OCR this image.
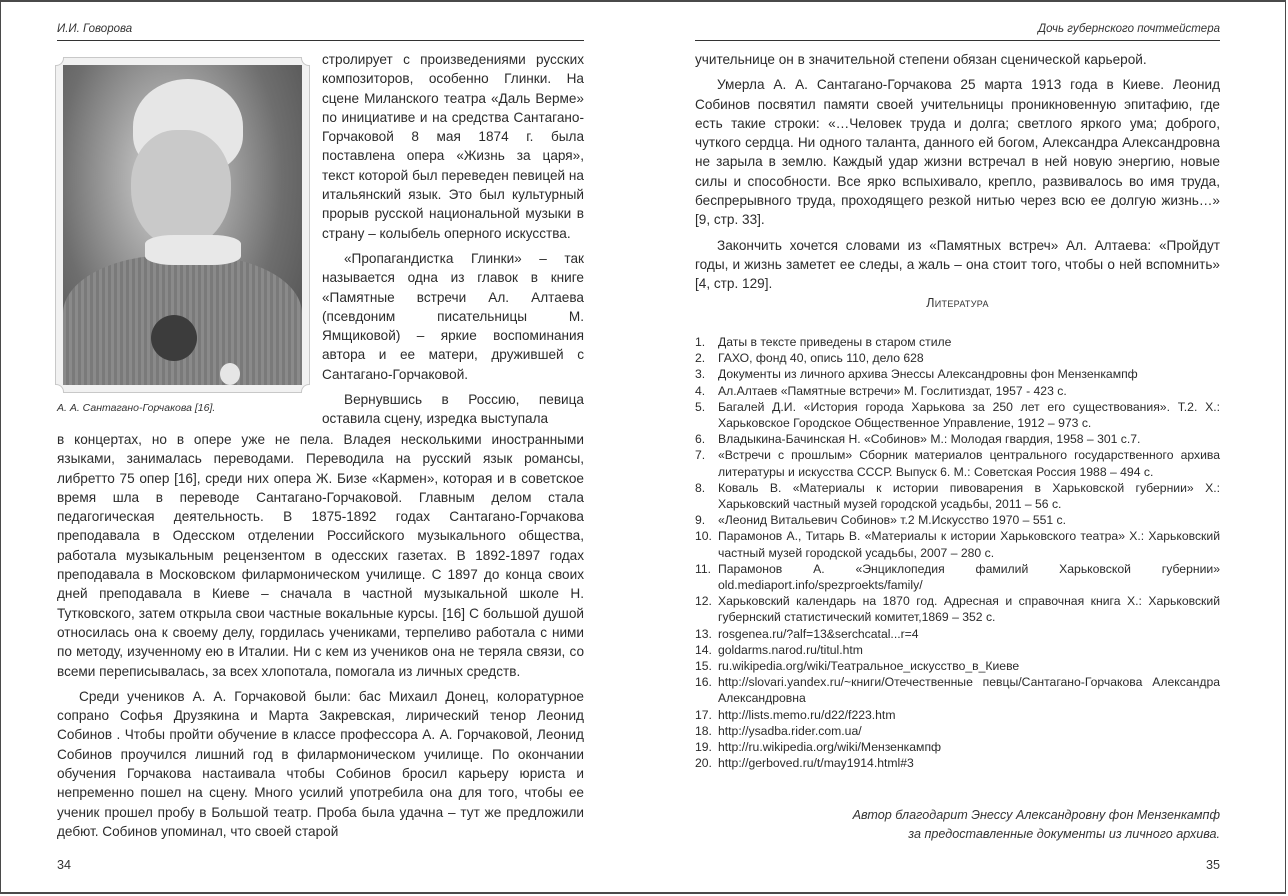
И.И. Говорова
А. А. Сантагано-Горчакова [16].

стролирует с произведениями русских композиторов, особенно Глинки. На сцене Миланского театра «Даль Верме» по инициативе и на средства Сантагано-Горчаковой 8 мая 1874 г. была поставлена опера «Жизнь за царя», текст которой был переведен певицей на итальянский язык. Это был культурный прорыв русской национальной музыки в страну – колыбель оперного искусства.

«Пропагандистка Глинки» – так называется одна из главок в книге «Памятные встречи Ал. Алтаева (псевдоним писательницы М. Ямщиковой) – яркие воспоминания автора и ее матери, дружившей с Сантагано-Горчаковой.

Вернувшись в Россию, певица оставила сцену, изредка выступала

в концертах, но в опере уже не пела. Владея несколькими иностранными языками, занималась переводами. Переводила на русский язык романсы, либретто 75 опер [16], среди них опера Ж. Бизе «Кармен», которая и в советское время шла в переводе Сантагано-Горчаковой. Главным делом стала педагогическая деятельность. В 1875-1892 годах Сантагано-Горчакова преподавала в Одесском отделении Российского музыкального общества, работала музыкальным рецензентом в одесских газетах. В 1892-1897 годах преподавала в Московском филармоническом училище. С 1897 до конца своих дней преподавала в Киеве – сначала в частной музыкальной школе Н. Тутковского, затем открыла свои частные вокальные курсы. [16] С большой душой относилась она к своему делу, гордилась учениками, терпеливо работала с ними по методу, изученному ею в Италии. Ни с кем из учеников она не теряла связи, со всеми переписывалась, за всех хлопотала, помогала из личных средств.

Среди учеников А. А. Горчаковой были: бас Михаил Донец, колоратурное сопрано Софья Друзякина и Марта Закревская, лирический тенор Леонид Собинов . Чтобы пройти обучение в классе профессора А. А. Горчаковой, Леонид Собинов проучился лишний год в филармоническом училище. По окончании обучения Горчакова настаивала чтобы Собинов бросил карьеру юриста и непременно пошел на сцену. Много усилий употребила она для того, чтобы ее ученик прошел пробу в Большой театр. Проба была удачна – тут же предложили дебют. Собинов упоминал, что своей старой

34
Дочь губернского почтмейстера

учительнице он в значительной степени обязан сценической карьерой.

Умерла А. А. Сантагано-Горчакова 25 марта 1913 года в Киеве. Леонид Собинов посвятил памяти своей учительницы проникновенную эпитафию, где есть такие строки: «…Человек труда и долга; светлого яркого ума; доброго, чуткого сердца. Ни одного таланта, данного ей богом, Александра Александровна не зарыла в землю. Каждый удар жизни встречал в ней новую энергию, новые силы и способности. Все ярко вспыхивало, крепло, развивалось во имя труда, беспрерывного труда, проходящего резкой нитью через всю ее долгую жизнь…» [9, стр. 33].

Закончить хочется словами из «Памятных встреч» Ал. Алтаева: «Пройдут годы, и жизнь заметет ее следы, а жаль – она стоит того, чтобы о ней вспомнить» [4, стр. 129].

Литература
1. Даты в тексте приведены в старом стиле
2. ГАХО, фонд 40, опись 110, дело 628
3. Документы из личного архива Энессы Александровны фон Мензенкампф
4. Ал.Алтаев «Памятные встречи» М. Гослитиздат, 1957 - 423 с.
5. Багалей Д.И. «История города Харькова за 250 лет его существования». Т.2. Х.: Харьковское Городское Общественное Управление, 1912 – 973 с.
6. Владыкина-Бачинская Н. «Собинов» М.: Молодая гвардия, 1958 – 301 с.7.
7. «Встречи с прошлым» Сборник материалов центрального государственного архива литературы и искусства СССР. Выпуск 6. М.: Советская Россия 1988 – 494 с.
8. Коваль В. «Материалы к истории пивоварения в Харьковской губернии» Х.: Харьковский частный музей городской усадьбы, 2011 – 56 с.
9. «Леонид Витальевич Собинов» т.2 М.Искусство 1970 – 551 с.
10. Парамонов А., Титарь В. «Материалы к истории Харьковского театра» Х.: Харьковский частный музей городской усадьбы, 2007 – 280 с.
11. Парамонов А. «Энциклопедия фамилий Харьковской губернии» old.mediaport.info/spezproekts/family/
12. Харьковский календарь на 1870 год. Адресная и справочная книга Х.: Харьковский губернский статистический комитет,1869 – 352 с.
13. rosgenea.ru/?alf=13&serchcatal...r=4
14. goldarms.narod.ru/titul.htm
15. ru.wikipedia.org/wiki/Театральное_искусство_в_Киеве
16. http://slovari.yandex.ru/~книги/Отечественные певцы/Сантагано-Горчакова Александра Александровна
17. http://lists.memo.ru/d22/f223.htm
18. http://ysadba.rider.com.ua/
19. http://ru.wikipedia.org/wiki/Мензенкампф
20. http://gerboved.ru/t/may1914.html#3
Автор благодарит Энессу Александровну фон Мензенкампф
за предоставленные документы из личного архива.
35
